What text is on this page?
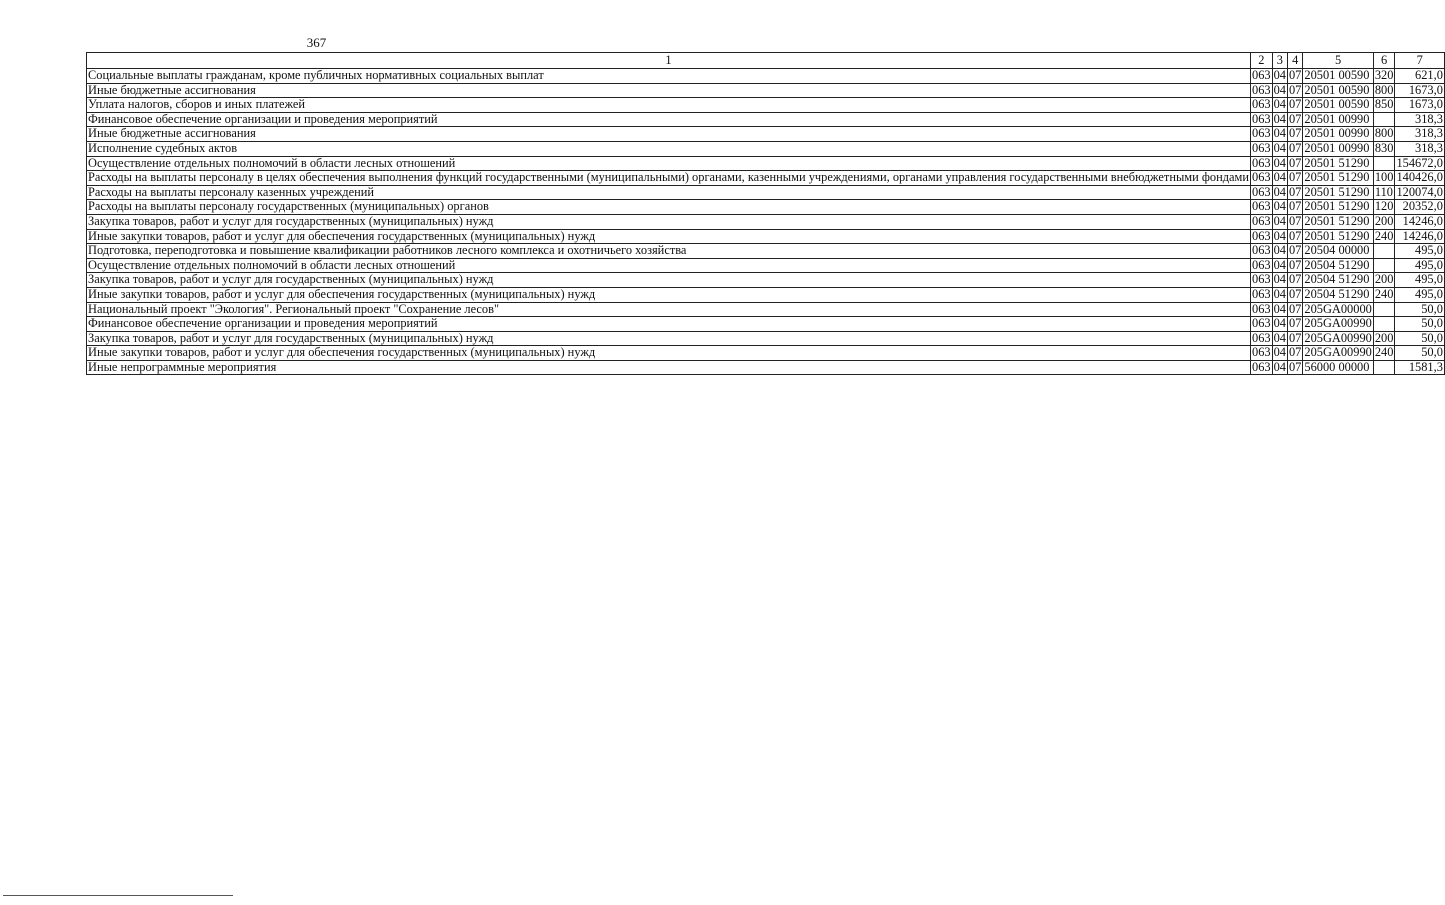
367
1	2	3	4	5	6	7
Социальные выплаты гражданам, кроме публичных нормативных социальных выплат	063	04	07	20501 00590	320	621,0
Иные бюджетные ассигнования	063	04	07	20501 00590	800	1673,0
Уплата налогов, сборов и иных платежей	063	04	07	20501 00590	850	1673,0
Финансовое обеспечение организации и проведения мероприятий	063	04	07	20501 00990		318,3
Иные бюджетные ассигнования	063	04	07	20501 00990	800	318,3
Исполнение судебных актов	063	04	07	20501 00990	830	318,3
Осуществление отдельных полномочий в области лесных отношений	063	04	07	20501 51290		154672,0
Расходы на выплаты персоналу в целях обеспечения выполнения функций государственными (муниципальными) органами, казенными учреждениями, органами управления государственными внебюджетными фондами	063	04	07	20501 51290	100	140426,0
Расходы на выплаты персоналу казенных учреждений	063	04	07	20501 51290	110	120074,0
Расходы на выплаты персоналу государственных (муниципальных) органов	063	04	07	20501 51290	120	20352,0
Закупка товаров, работ и услуг для государственных (муниципальных) нужд	063	04	07	20501 51290	200	14246,0
Иные закупки товаров, работ и услуг для обеспечения государственных (муниципальных) нужд	063	04	07	20501 51290	240	14246,0
Подготовка, переподготовка и повышение квалификации работников лесного комплекса и охотничьего хозяйства	063	04	07	20504 00000		495,0
Осуществление отдельных полномочий в области лесных отношений	063	04	07	20504 51290		495,0
Закупка товаров, работ и услуг для государственных (муниципальных) нужд	063	04	07	20504 51290	200	495,0
Иные закупки товаров, работ и услуг для обеспечения государственных (муниципальных) нужд	063	04	07	20504 51290	240	495,0
Национальный проект "Экология". Региональный проект "Сохранение лесов"	063	04	07	205GA00000		50,0
Финансовое обеспечение организации и проведения мероприятий	063	04	07	205GA00990		50,0
Закупка товаров, работ и услуг для государственных (муниципальных) нужд	063	04	07	205GA00990	200	50,0
Иные закупки товаров, работ и услуг для обеспечения государственных (муниципальных) нужд	063	04	07	205GA00990	240	50,0
Иные непрограммные мероприятия	063	04	07	56000 00000		1581,3
